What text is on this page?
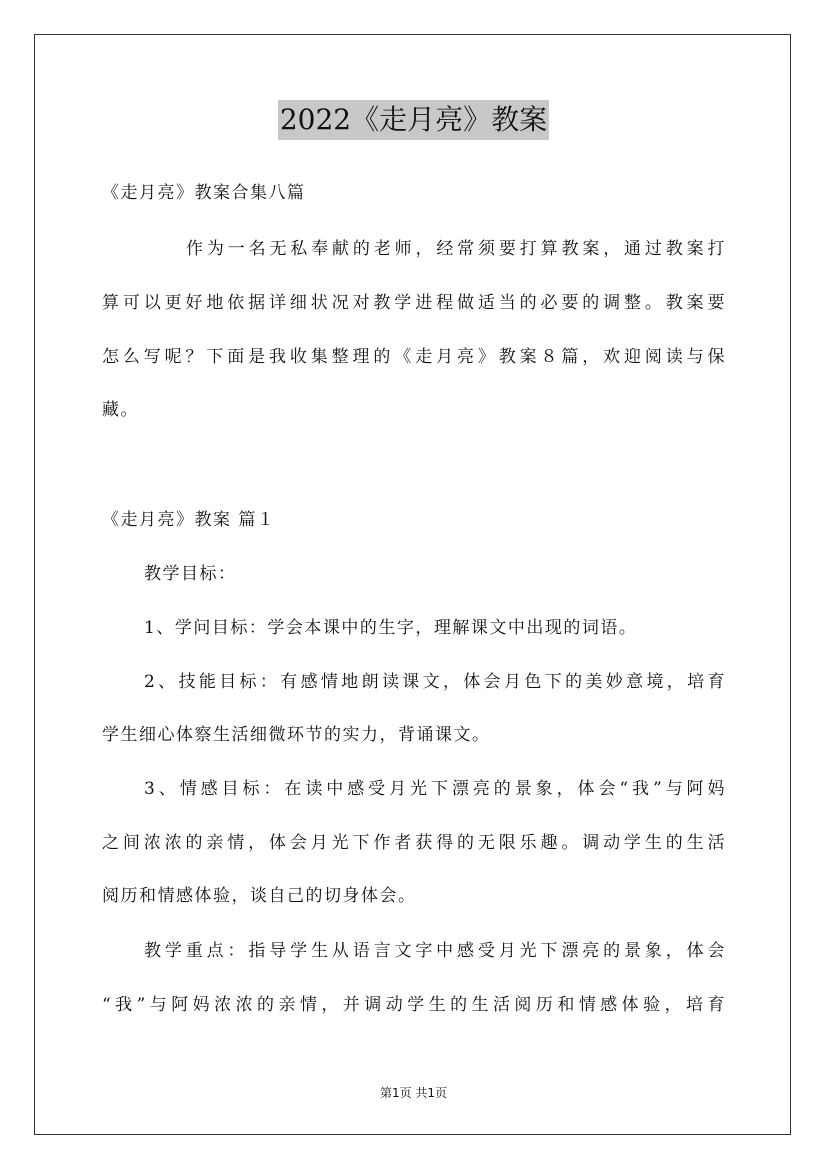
2022《走月亮》教案
《走月亮》教案合集八篇
作为一名无私奉献的老师，经常须要打算教案，通过教案打
算可以更好地依据详细状况对教学进程做适当的必要的调整。教案要
怎么写呢？下面是我收集整理的《走月亮》教案８篇，欢迎阅读与保
藏。
《走月亮》教案 篇１
教学目标：
1、学问目标：学会本课中的生字，理解课文中出现的词语。
2、技能目标：有感情地朗读课文，体会月色下的美妙意境，培育
学生细心体察生活细微环节的实力，背诵课文。
3、情感目标：在读中感受月光下漂亮的景象，体会“我”与阿妈
之间浓浓的亲情，体会月光下作者获得的无限乐趣。调动学生的生活
阅历和情感体验，谈自己的切身体会。
教学重点：指导学生从语言文字中感受月光下漂亮的景象，体会
“我”与阿妈浓浓的亲情，并调动学生的生活阅历和情感体验，培育
第1页 共1页
